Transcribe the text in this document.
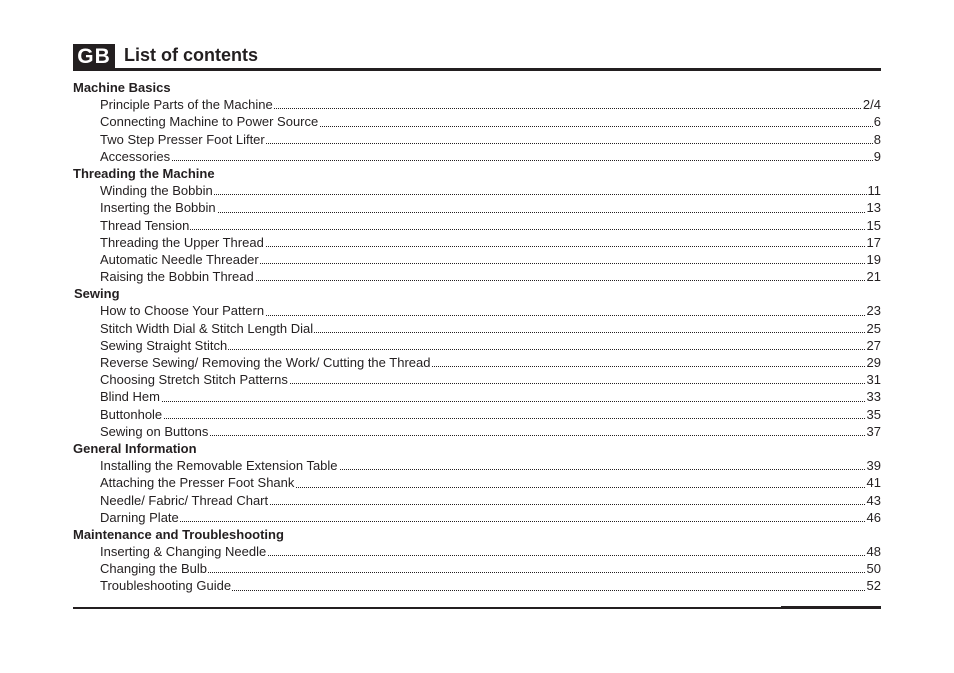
GB List of contents
Machine Basics
Principle Parts of the Machine	2/4
Connecting Machine to Power Source	6
Two Step Presser Foot Lifter	8
Accessories	9
Threading the Machine
Winding the Bobbin	11
Inserting the Bobbin	13
Thread Tension	15
Threading the Upper Thread	17
Automatic Needle Threader	19
Raising the Bobbin Thread	21
Sewing
How to Choose Your Pattern	23
Stitch Width Dial & Stitch Length Dial	25
Sewing Straight Stitch	27
Reverse Sewing/ Removing the Work/ Cutting the Thread	29
Choosing Stretch Stitch Patterns	31
Blind Hem	33
Buttonhole	35
Sewing on Buttons	37
General Information
Installing the Removable Extension Table	39
Attaching the Presser Foot Shank	41
Needle/ Fabric/ Thread Chart	43
Darning Plate	46
Maintenance and Troubleshooting
Inserting & Changing Needle	48
Changing the Bulb	50
Troubleshooting Guide	52
